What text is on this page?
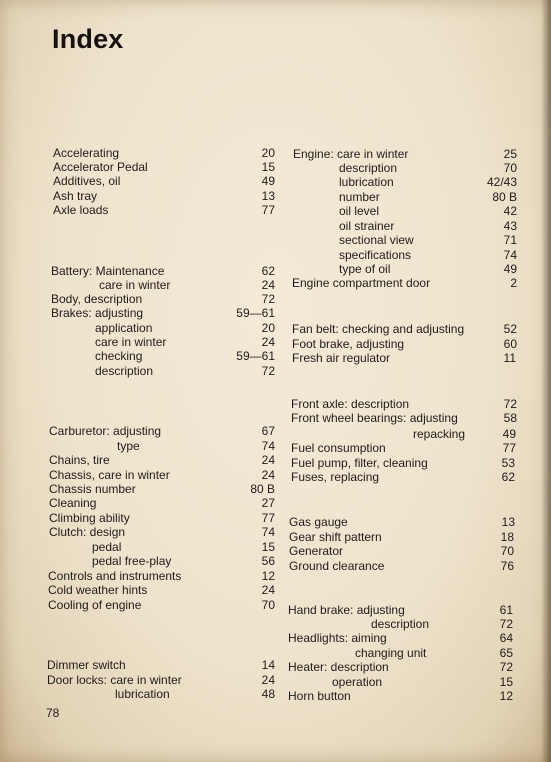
Index
Accelerating	20
Accelerator Pedal	15
Additives, oil	49
Ash tray	13
Axle loads	77
Battery: Maintenance	62
care in winter	24
Body, description	72
Brakes: adjusting	59—61
application	20
care in winter	24
checking	59—61
description	72
Carburetor: adjusting	67
type	74
Chains, tire	24
Chassis, care in winter	24
Chassis number	80 B
Cleaning	27
Climbing ability	77
Clutch: design	74
pedal	15
pedal free-play	56
Controls and instruments	12
Cold weather hints	24
Cooling of engine	70
Dimmer switch	14
Door locks: care in winter	24
lubrication	48
Engine: care in winter	25
description	70
lubrication	42/43
number	80 B
oil level	42
oil strainer	43
sectional view	71
specifications	74
type of oil	49
Engine compartment door	2
Fan belt: checking and adjusting	52
Foot brake, adjusting	60
Fresh air regulator	11
Front axle: description	72
Front wheel bearings: adjusting	58
repacking	49
Fuel consumption	77
Fuel pump, filter, cleaning	53
Fuses, replacing	62
Gas gauge	13
Gear shift pattern	18
Generator	70
Ground clearance	76
Hand brake: adjusting	61
description	72
Headlights: aiming	64
changing unit	65
Heater: description	72
operation	15
Horn button	12
78
